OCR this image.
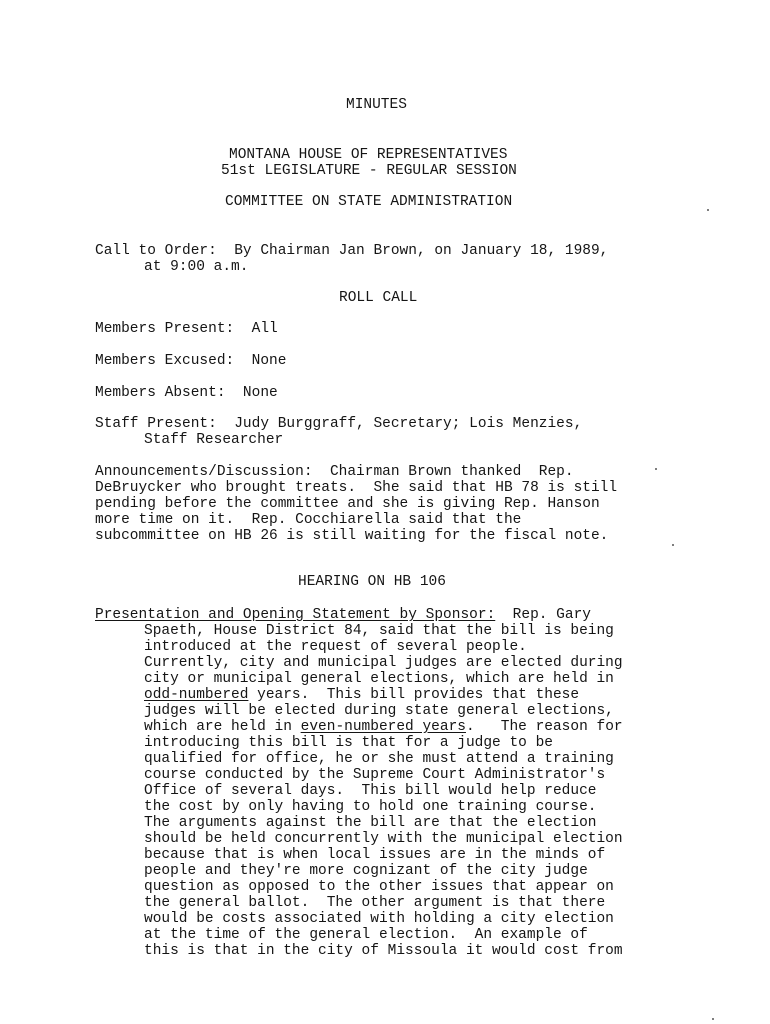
MINUTES
MONTANA HOUSE OF REPRESENTATIVES
51st LEGISLATURE - REGULAR SESSION
COMMITTEE ON STATE ADMINISTRATION
Call to Order:  By Chairman Jan Brown, on January 18, 1989,
at 9:00 a.m.
ROLL CALL
Members Present:  All
Members Excused:  None
Members Absent:  None
Staff Present:  Judy Burggraff, Secretary; Lois Menzies,
Staff Researcher
Announcements/Discussion:  Chairman Brown thanked  Rep.
DeBruycker who brought treats.  She said that HB 78 is still
pending before the committee and she is giving Rep. Hanson
more time on it.  Rep. Cocchiarella said that the
subcommittee on HB 26 is still waiting for the fiscal note.
HEARING ON HB 106
Presentation and Opening Statement by Sponsor:  Rep. Gary
Spaeth, House District 84, said that the bill is being
introduced at the request of several people.
Currently, city and municipal judges are elected during
city or municipal general elections, which are held in
odd-numbered years.  This bill provides that these
judges will be elected during state general elections,
which are held in even-numbered years.   The reason for
introducing this bill is that for a judge to be
qualified for office, he or she must attend a training
course conducted by the Supreme Court Administrator's
Office of several days.  This bill would help reduce
the cost by only having to hold one training course.
The arguments against the bill are that the election
should be held concurrently with the municipal election
because that is when local issues are in the minds of
people and they're more cognizant of the city judge
question as opposed to the other issues that appear on
the general ballot.  The other argument is that there
would be costs associated with holding a city election
at the time of the general election.  An example of
this is that in the city of Missoula it would cost from
